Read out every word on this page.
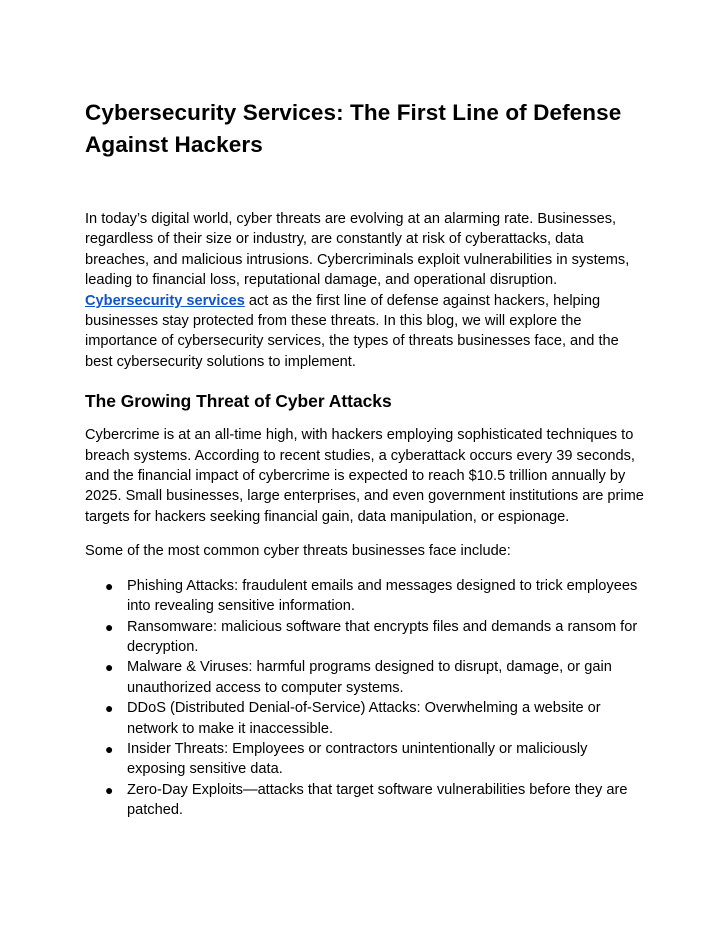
Cybersecurity Services: The First Line of Defense Against Hackers

In today’s digital world, cyber threats are evolving at an alarming rate. Businesses, regardless of their size or industry, are constantly at risk of cyberattacks, data breaches, and malicious intrusions. Cybercriminals exploit vulnerabilities in systems, leading to financial loss, reputational damage, and operational disruption. Cybersecurity services act as the first line of defense against hackers, helping businesses stay protected from these threats. In this blog, we will explore the importance of cybersecurity services, the types of threats businesses face, and the best cybersecurity solutions to implement.

The Growing Threat of Cyber Attacks

Cybercrime is at an all-time high, with hackers employing sophisticated techniques to breach systems. According to recent studies, a cyberattack occurs every 39 seconds, and the financial impact of cybercrime is expected to reach $10.5 trillion annually by 2025. Small businesses, large enterprises, and even government institutions are prime targets for hackers seeking financial gain, data manipulation, or espionage.

Some of the most common cyber threats businesses face include:

● Phishing Attacks: fraudulent emails and messages designed to trick employees into revealing sensitive information.
● Ransomware: malicious software that encrypts files and demands a ransom for decryption.
● Malware & Viruses: harmful programs designed to disrupt, damage, or gain unauthorized access to computer systems.
● DDoS (Distributed Denial-of-Service) Attacks: Overwhelming a website or network to make it inaccessible.
● Insider Threats: Employees or contractors unintentionally or maliciously exposing sensitive data.
● Zero-Day Exploits—attacks that target software vulnerabilities before they are patched.
